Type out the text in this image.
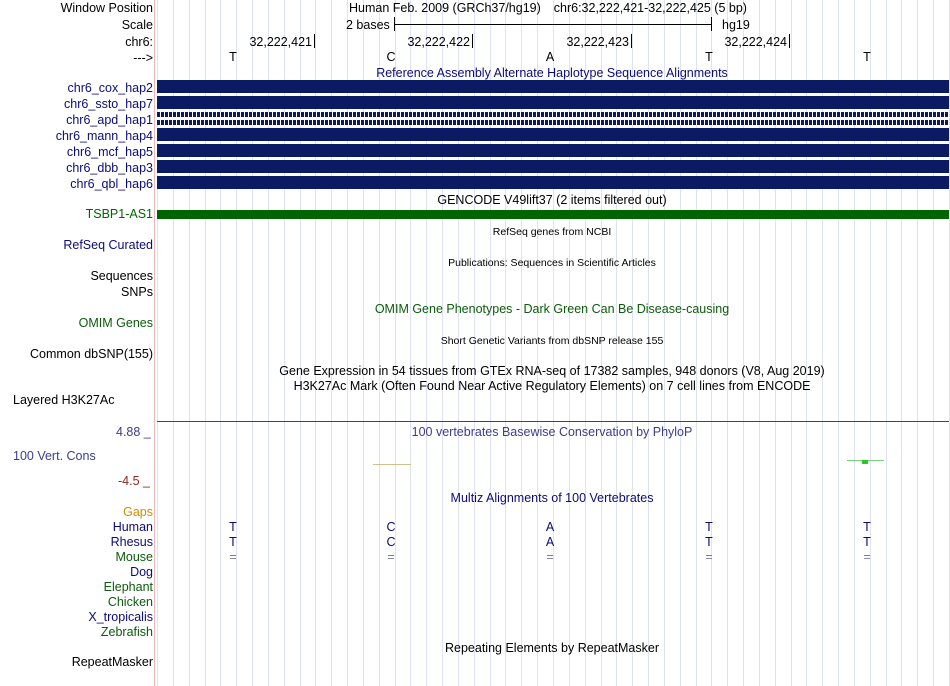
Window Position
Scale
chr6:
--->
Human Feb. 2009 (GRCh37/hg19) chr6:32,222,421-32,222,425 (5 bp)
2 bases	hg19
32,222,421	32,222,422	32,222,423	32,222,424
T	C	A	T	T
Reference Assembly Alternate Haplotype Sequence Alignments
chr6_cox_hap2
chr6_ssto_hap7
chr6_apd_hap1
chr6_mann_hap4
chr6_mcf_hap5
chr6_dbb_hap3
chr6_qbl_hap6
GENCODE V49lift37 (2 items filtered out)
TSBP1-AS1
RefSeq genes from NCBI
RefSeq Curated
Publications: Sequences in Scientific Articles
Sequences
SNPs
OMIM Gene Phenotypes - Dark Green Can Be Disease-causing
OMIM Genes
Short Genetic Variants from dbSNP release 155
Common dbSNP(155)
Gene Expression in 54 tissues from GTEx RNA-seq of 17382 samples, 948 donors (V8, Aug 2019)
H3K27Ac Mark (Often Found Near Active Regulatory Elements) on 7 cell lines from ENCODE
Layered H3K27Ac
100 vertebrates Basewise Conservation by PhyloP
4.88 _
100 Vert. Cons
-4.5 _
Multiz Alignments of 100 Vertebrates
Gaps
Human	T	C	A	T	T
Rhesus	T	C	A	T	T
Mouse	=	=	=	=	=
Dog
Elephant
Chicken
X_tropicalis
Zebrafish
Repeating Elements by RepeatMasker
RepeatMasker
